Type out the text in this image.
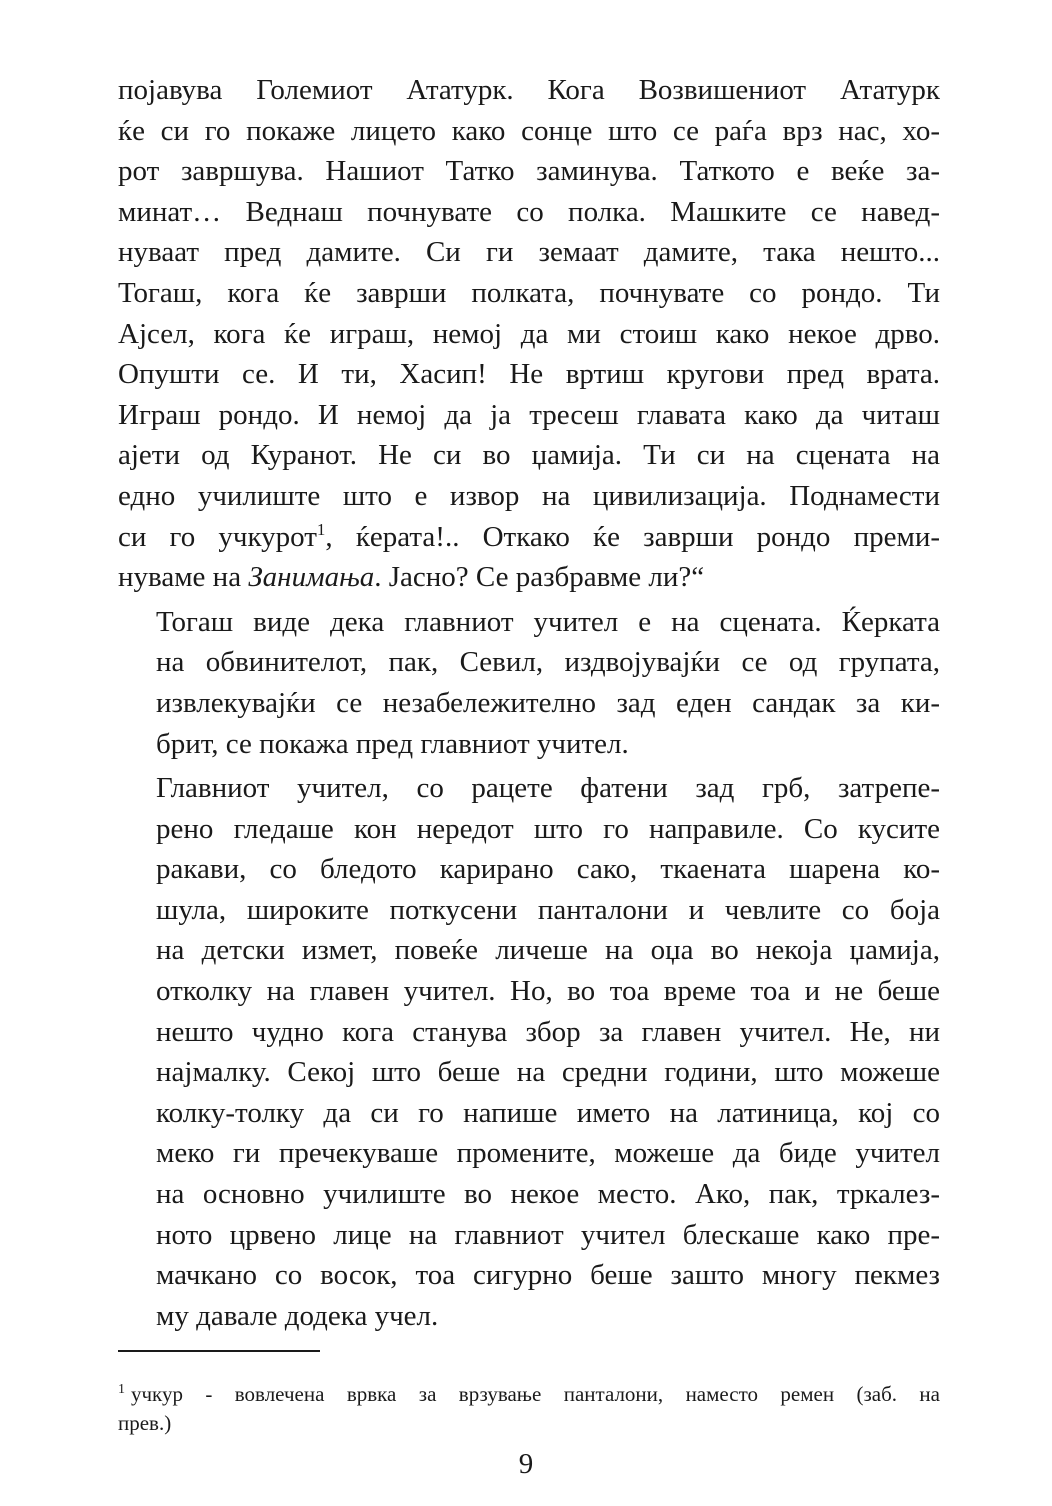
појавува Големиот Ататурк. Кога Возвишениот Ататурк
ќе си го покаже лицето како сонце што се раѓа врз нас, хо-
рот завршува. Нашиот Татко заминува. Таткото е веќе за-
минат… Веднаш почнувате со полка. Машките се навед-
нуваат пред дамите. Си ги земаат дамите, така нешто...
Тогаш, кога ќе заврши полката, почнувате со рондо. Ти
Ајсел, кога ќе играш, немој да ми стоиш како некое дрво.
Опушти се. И ти, Хасип! Не вртиш кругови пред врата.
Играш рондо. И немој да ја тресеш главата како да читаш
ајети од Куранот. Не си во џамија. Ти си на сцената на
едно училиште што е извор на цивилизација. Поднамести
си го учкурот$^1$, ќерата!.. Откако ќе заврши рондо преми-
нуваме на Занимања. Јасно? Се разбравме ли?“

Тогаш виде дека главниот учител е на сцената. Ќерката
на обвинителот, пак, Севил, издвојувајќи се од групата,
извлекувајќи се незабележително зад еден сандак за ки-
брит, се покажа пред главниот учител.

Главниот учител, со рацете фатени зад грб, затрепе-
рено гледаше кон нередот што го направиле. Со кусите
ракави, со бледото карирано сако, ткаената шарена ко-
шула, широките поткусени панталони и чевлите со боја
на детски измет, повеќе личеше на оџа во некоја џамија,
отколку на главен учител. Но, во тоа време тоа и не беше
нешто чудно кога станува збор за главен учител. Не, ни
најмалку. Секој што беше на средни години, што можеше
колку-толку да си го напише името на латиница, кој со
меко ги пречекуваше промените, можеше да биде учител
на основно училиште во некое место. Ако, пак, тркалез-
ното црвено лице на главниот учител блескаше како пре-
мачкано со восок, тоа сигурно беше зашто многу пекмез
му давале додека учел.

$^1$ учкур - вовлечена врвка за врзување панталони, наместо ремен (заб. на
прев.)
9
